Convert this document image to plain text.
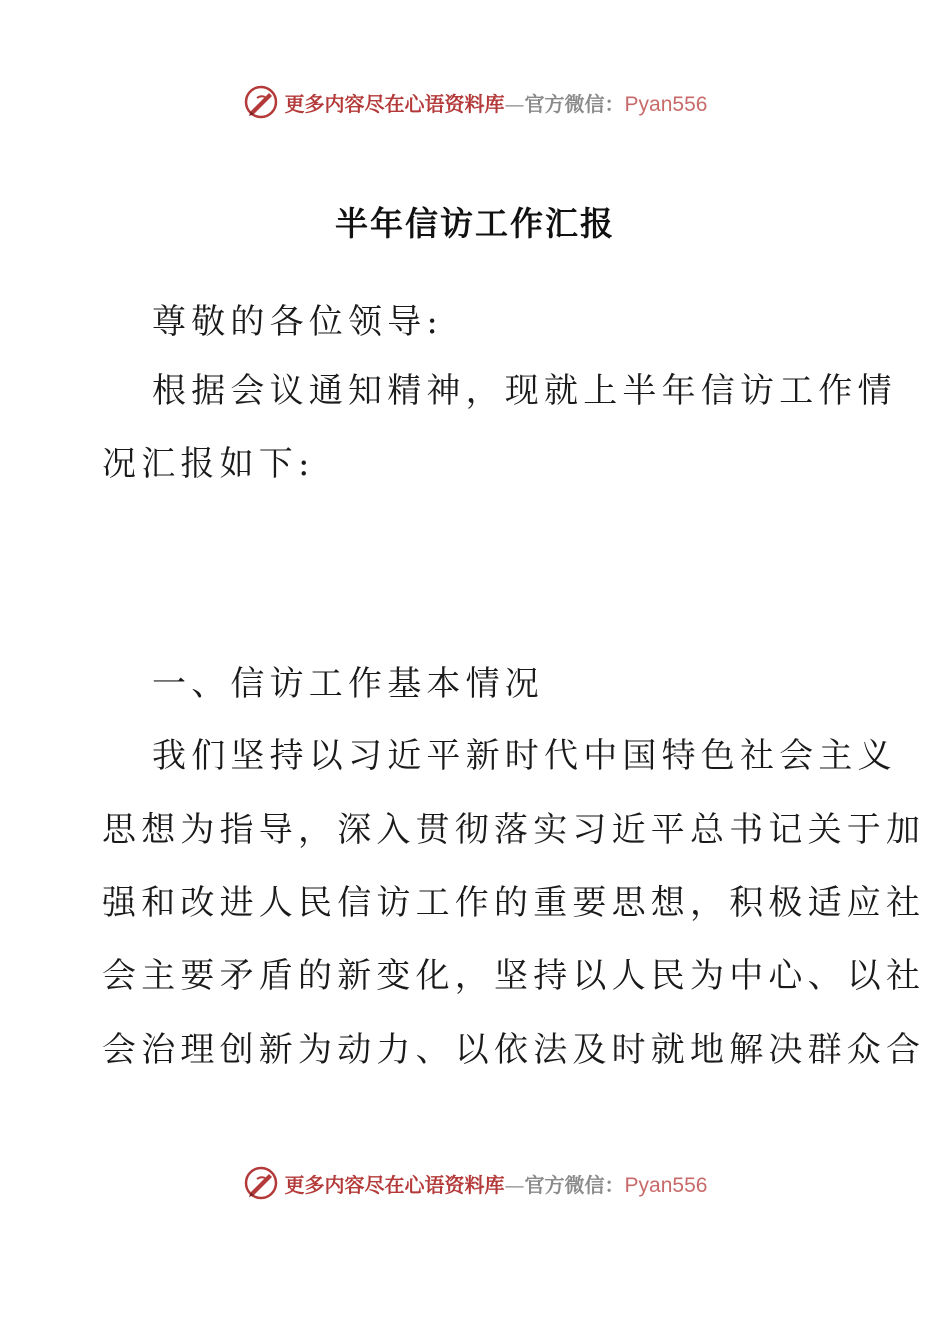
更多内容尽在心语资料库—官方微信：Pyan556
半年信访工作汇报
尊敬的各位领导:
根据会议通知精神，现就上半年信访工作情
况汇报如下:
一、信访工作基本情况
我们坚持以习近平新时代中国特色社会主义
思想为指导，深入贯彻落实习近平总书记关于加
强和改进人民信访工作的重要思想，积极适应社
会主要矛盾的新变化，坚持以人民为中心、以社
会治理创新为动力、以依法及时就地解决群众合
更多内容尽在心语资料库—官方微信：Pyan556
